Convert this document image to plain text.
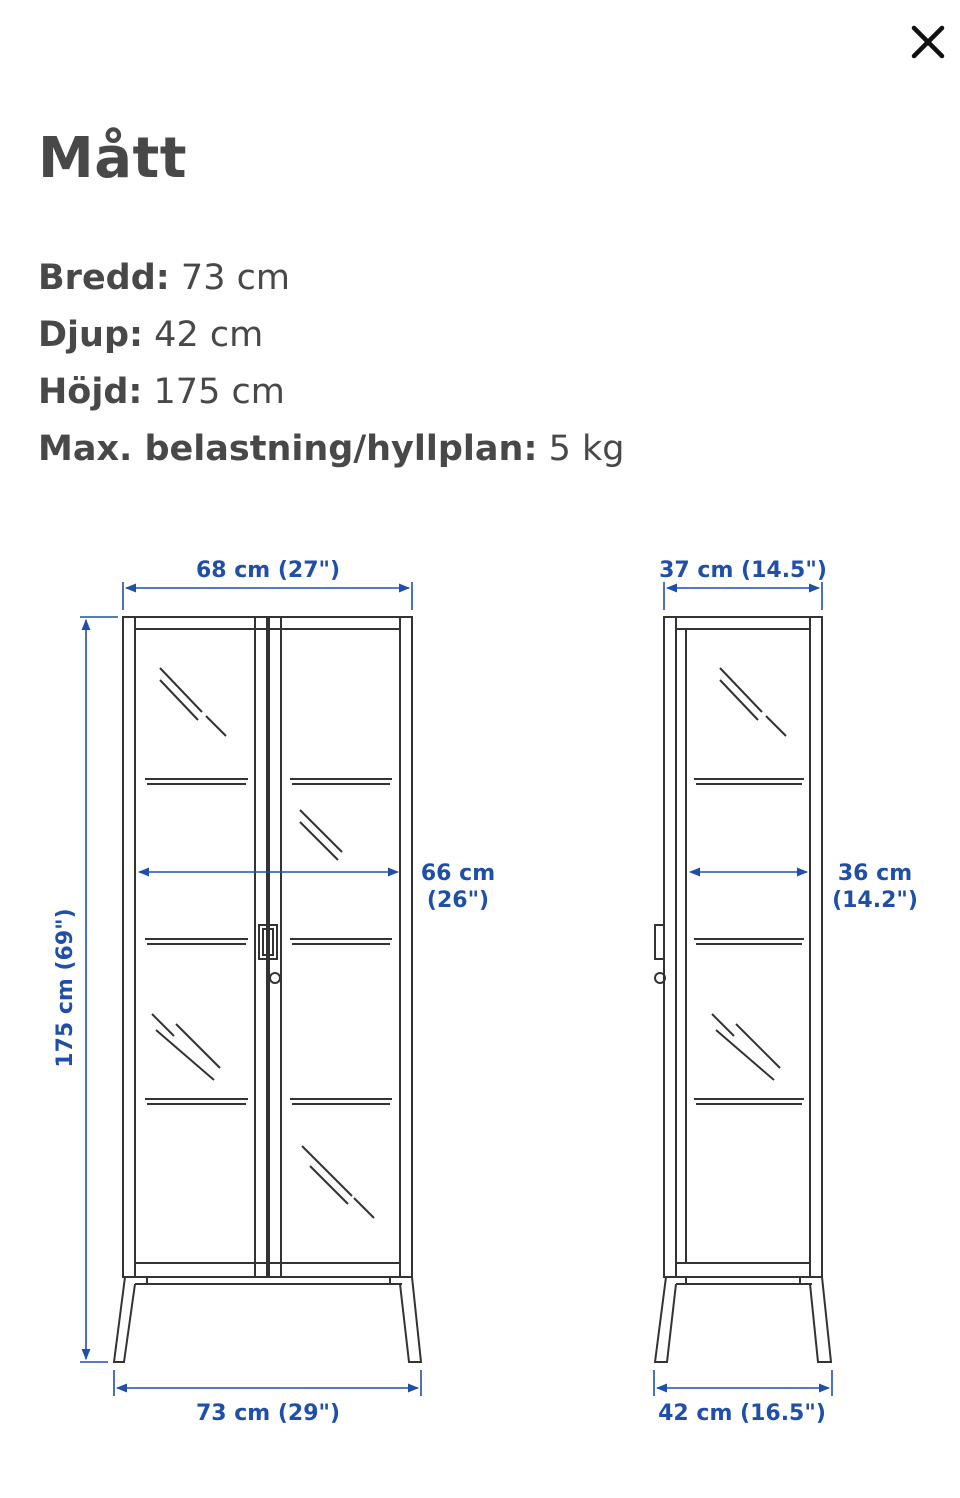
Mått
Bredd: 73 cm
Djup: 42 cm
Höjd: 175 cm
Max. belastning/hyllplan: 5 kg
68 cm (27")
66 cm
(26")
175 cm (69")
73 cm (29")
37 cm (14.5")
36 cm
(14.2")
42 cm (16.5")
